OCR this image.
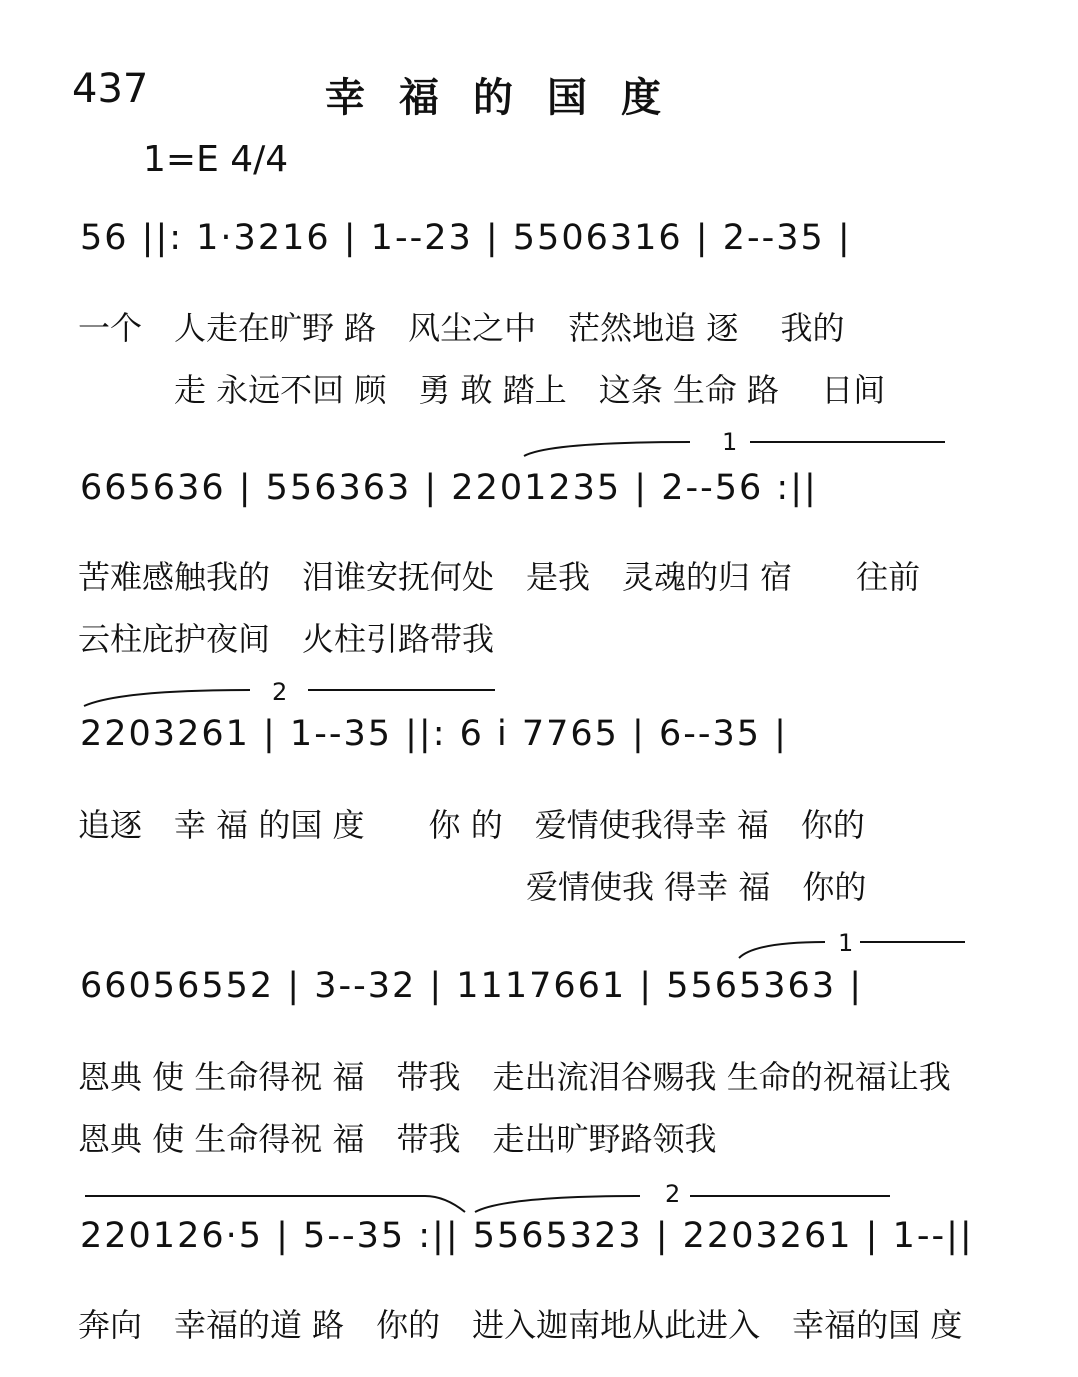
437	幸福的国度
1=E 4/4
56 ||: 1·3216 | 1--23 | 5506316 | 2--35 |
一个　人走在旷野 路　风尘之中　茫然地追 逐　 我的
　　　走 永远不回 顾　勇 敢 踏上　这条 生命 路　 日间
1
665636 | 556363 | 2201235 | 2--56 :||
苦难感触我的　泪谁安抚何处　是我　灵魂的归 宿　　往前
云柱庇护夜间　火柱引路带我
2
2203261 | 1--35 ||: 6 i 7765 | 6--35 |
追逐　幸 福 的国 度　　你 的　爱情使我得幸 福　你的
　　　　　　　　　　　　　　爱情使我 得幸 福　你的
1
66056552 | 3--32 | 1117661 | 5565363 |
恩典 使 生命得祝 福　带我　走出流泪谷赐我 生命的祝福让我
恩典 使 生命得祝 福　带我　走出旷野路领我
2
220126·5 | 5--35 :|| 5565323 | 2203261 | 1--||
奔向　幸福的道 路　你的　进入迦南地从此进入　幸福的国 度
